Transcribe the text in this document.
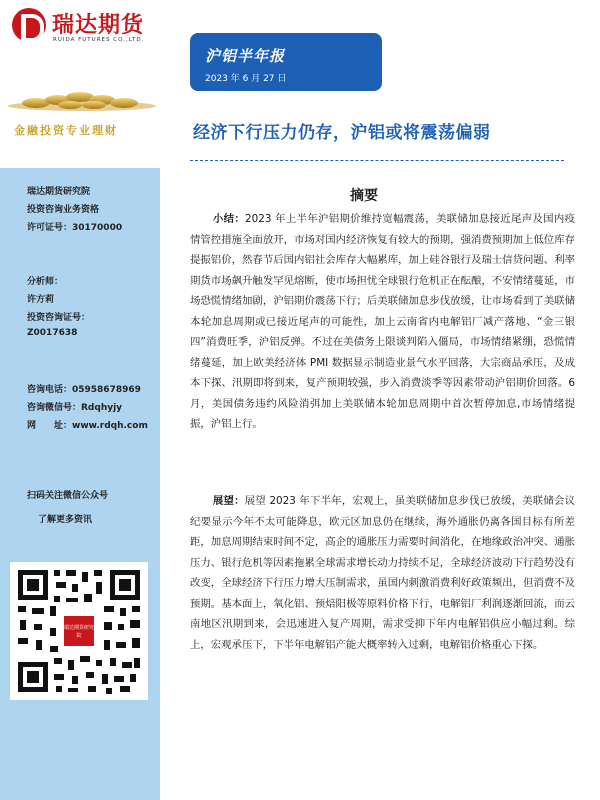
瑞达期货
RUIDA FUTURES CO.,LTD.
金融投资专业理财
沪铝半年报
2023 年 6 月 27 日
经济下行压力仍存，沪铝或将震荡偏弱
瑞达期货研究院
投资咨询业务资格
许可证号：30170000
分析师：
许方莉
投资咨询证号：
Z0017638
咨询电话：05958678969
咨询微信号：Rdqhyjy
网　　址：www.rdqh.com
扫码关注微信公众号
了解更多资讯
瑞达期货研究院
摘要

小结：2023 年上半年沪铝期价维持宽幅震荡，美联储加息接近尾声及国内疫情管控措施全面放开，市场对国内经济恢复有较大的预期，强消费预期加上低位库存提振铝价，然春节后国内铝社会库存大幅累库，加上硅谷银行及瑞士信贷问题、利率期货市场飙升触发罕见熔断，使市场担忧全球银行危机正在酝酿，不安情绪蔓延，市场恐慌情绪加剧，沪铝期价震荡下行；后美联储加息步伐放缓，让市场看到了美联储本轮加息周期或已接近尾声的可能性，加上云南省内电解铝厂减产落地、“金三银四”消费旺季，沪铝反弹。不过在美债务上限谈判陷入僵局，市场情绪紧绷，恐慌情绪蔓延，加上欧美经济体 PMI 数据显示制造业景气水平回落，大宗商品承压，及成本下探、汛期即将到来，复产预期较强，步入消费淡季等因素带动沪铝期价回落。6 月，美国债务违约风险消弭加上美联储本轮加息周期中首次暂停加息,市场情绪提振，沪铝上行。

展望：展望 2023 年下半年，宏观上，虽美联储加息步伐已放缓，美联储会议纪要显示今年不太可能降息，欧元区加息仍在继续，海外通胀仍离各国目标有所差距，加息周期结束时间不定，高企的通胀压力需要时间消化，在地缘政治冲突、通胀压力、银行危机等因素拖累全球需求增长动力持续不足，全球经济波动下行趋势没有改变，全球经济下行压力增大压制需求，虽国内刺激消费利好政策频出，但消费不及预期。基本面上，氧化铝、预焙阳极等原料价格下行，电解铝厂利润逐渐回流，而云南地区汛期到来，会迅速进入复产周期，需求受抑下年内电解铝供应小幅过剩。综上，宏观承压下，下半年电解铝产能大概率转入过剩，电解铝价格重心下探。
